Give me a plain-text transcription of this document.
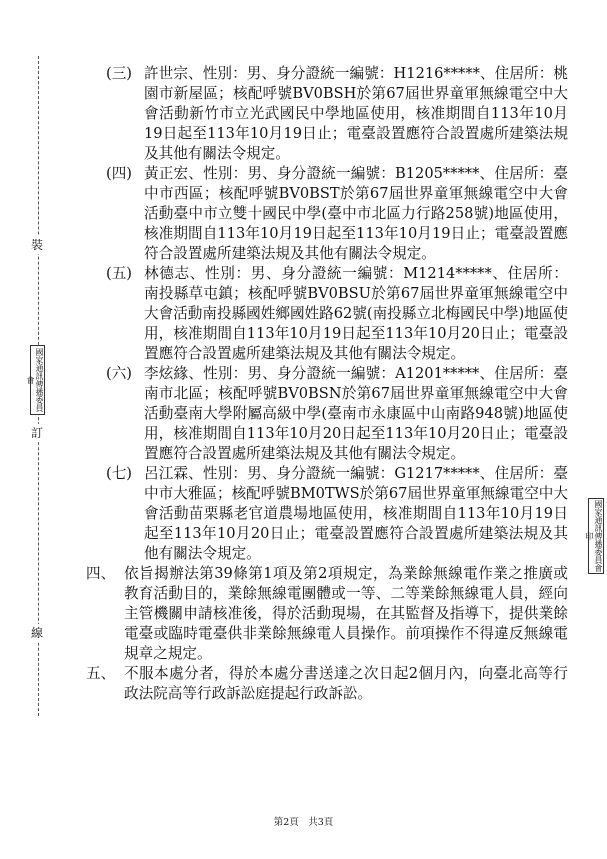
裝
國家通訊傳播委員會
訂
線
國家通訊傳播委員會印
(三) 許世宗、性別：男、身分證統一編號：H1216*****、住居所：桃園市新屋區；核配呼號BV0BSH於第67屆世界童軍無線電空中大會活動新竹市立光武國民中學地區使用，核准期間自113年10月19日起至113年10月19日止；電臺設置應符合設置處所建築法規及其他有關法令規定。
(四) 黃正宏、性別：男、身分證統一編號：B1205*****、住居所：臺中市西區；核配呼號BV0BST於第67屆世界童軍無線電空中大會活動臺中市立雙十國民中學(臺中市北區力行路258號)地區使用，核准期間自113年10月19日起至113年10月19日止；電臺設置應符合設置處所建築法規及其他有關法令規定。
(五) 林德志、性別：男、身分證統一編號：M1214*****、住居所：南投縣草屯鎮；核配呼號BV0BSU於第67屆世界童軍無線電空中大會活動南投縣國姓鄉國姓路62號(南投縣立北梅國民中學)地區使用，核准期間自113年10月19日起至113年10月20日止；電臺設置應符合設置處所建築法規及其他有關法令規定。
(六) 李炫緣、性別：男、身分證統一編號：A1201*****、住居所：臺南市北區；核配呼號BV0BSN於第67屆世界童軍無線電空中大會活動臺南大學附屬高級中學(臺南市永康區中山南路948號)地區使用，核准期間自113年10月20日起至113年10月20日止；電臺設置應符合設置處所建築法規及其他有關法令規定。
(七) 呂江霖、性別：男、身分證統一編號：G1217*****、住居所：臺中市大雅區；核配呼號BM0TWS於第67屆世界童軍無線電空中大會活動苗栗縣老官道農場地區使用，核准期間自113年10月19日起至113年10月20日止；電臺設置應符合設置處所建築法規及其他有關法令規定。
四、 依旨揭辦法第39條第1項及第2項規定，為業餘無線電作業之推廣或教育活動目的，業餘無線電團體或一等、二等業餘無線電人員，經向主管機關申請核准後，得於活動現場，在其監督及指導下，提供業餘電臺或臨時電臺供非業餘無線電人員操作。前項操作不得違反無線電規章之規定。
五、 不服本處分者，得於本處分書送達之次日起2個月內，向臺北高等行政法院高等行政訴訟庭提起行政訴訟。
第2頁　共3頁
